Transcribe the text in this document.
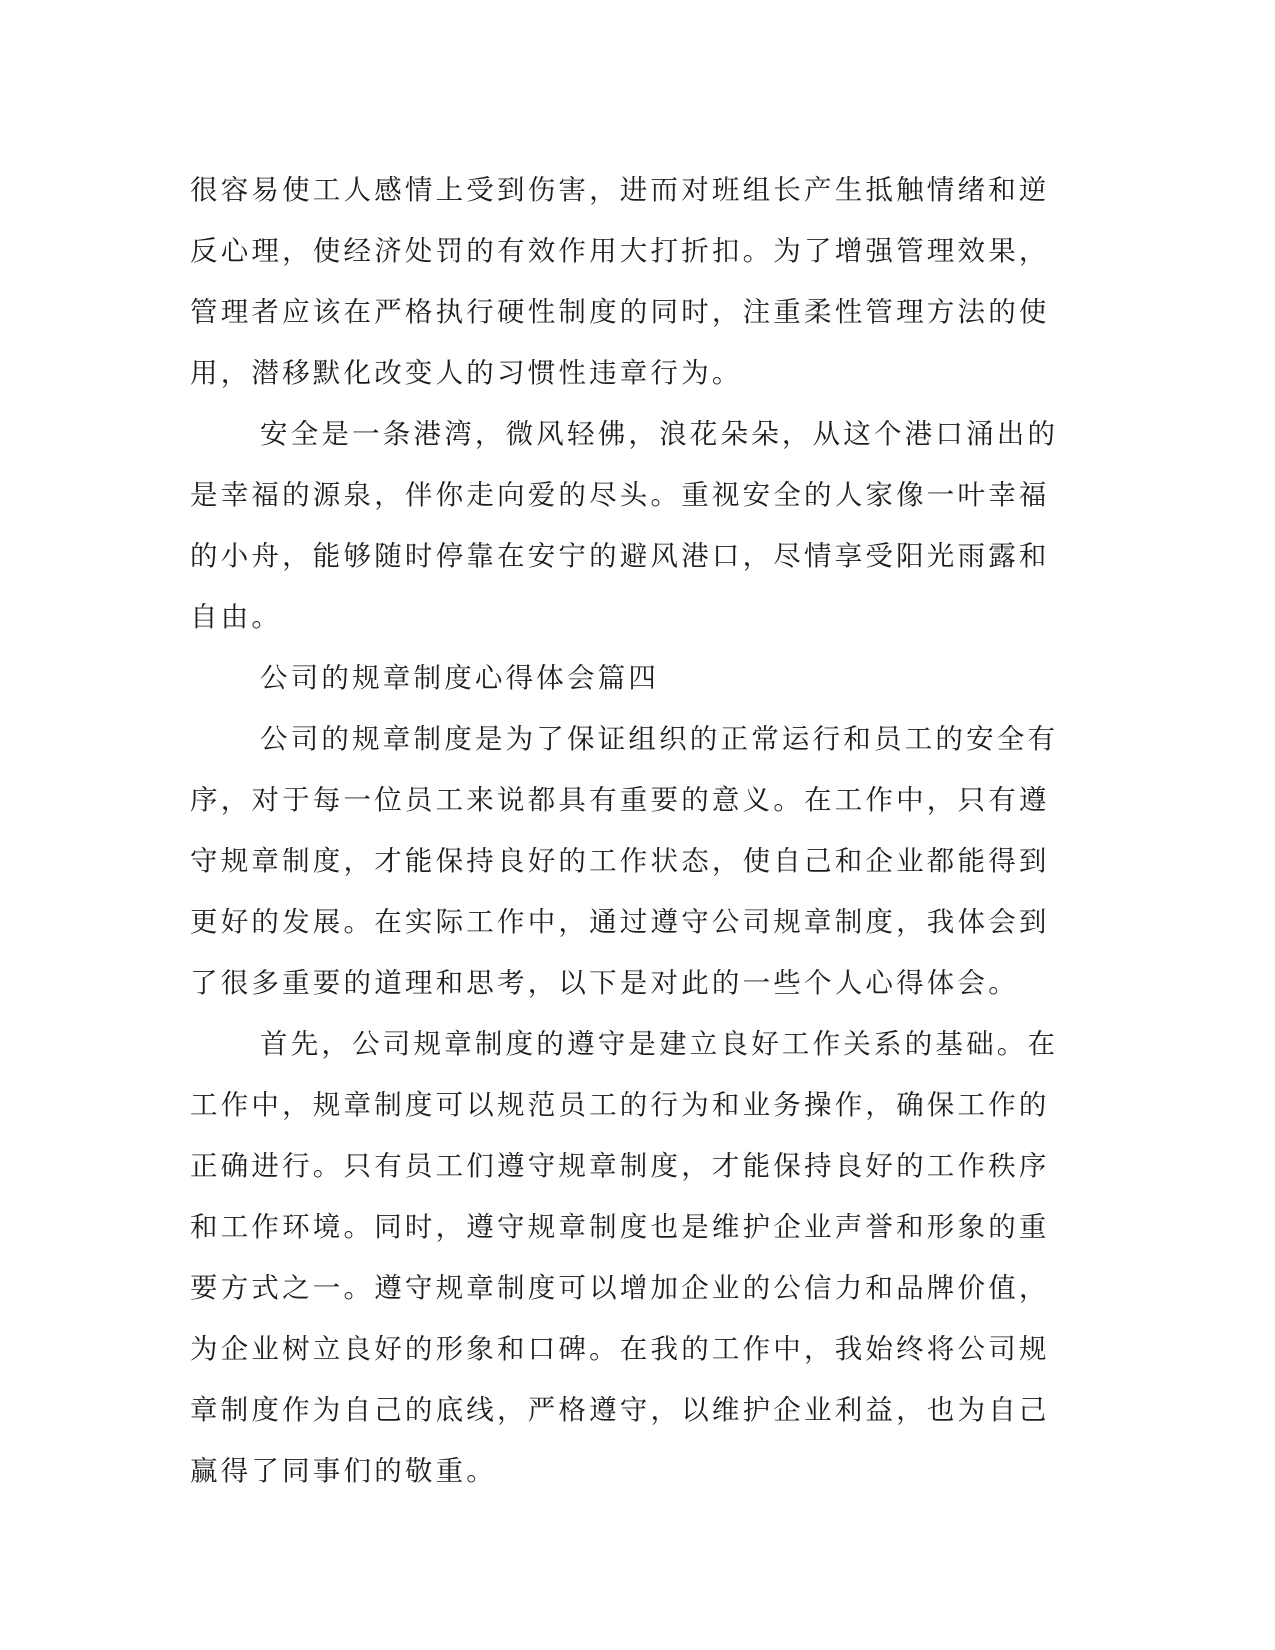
很容易使工人感情上受到伤害，进而对班组长产生抵触情绪和逆反心理，使经济处罚的有效作用大打折扣。为了增强管理效果，管理者应该在严格执行硬性制度的同时，注重柔性管理方法的使用，潜移默化改变人的习惯性违章行为。

安全是一条港湾，微风轻佛，浪花朵朵，从这个港口涌出的是幸福的源泉，伴你走向爱的尽头。重视安全的人家像一叶幸福的小舟，能够随时停靠在安宁的避风港口，尽情享受阳光雨露和自由。

公司的规章制度心得体会篇四

公司的规章制度是为了保证组织的正常运行和员工的安全有序，对于每一位员工来说都具有重要的意义。在工作中，只有遵守规章制度，才能保持良好的工作状态，使自己和企业都能得到更好的发展。在实际工作中，通过遵守公司规章制度，我体会到了很多重要的道理和思考，以下是对此的一些个人心得体会。

首先，公司规章制度的遵守是建立良好工作关系的基础。在工作中，规章制度可以规范员工的行为和业务操作，确保工作的正确进行。只有员工们遵守规章制度，才能保持良好的工作秩序和工作环境。同时，遵守规章制度也是维护企业声誉和形象的重要方式之一。遵守规章制度可以增加企业的公信力和品牌价值，为企业树立良好的形象和口碑。在我的工作中，我始终将公司规章制度作为自己的底线，严格遵守，以维护企业利益，也为自己赢得了同事们的敬重。
